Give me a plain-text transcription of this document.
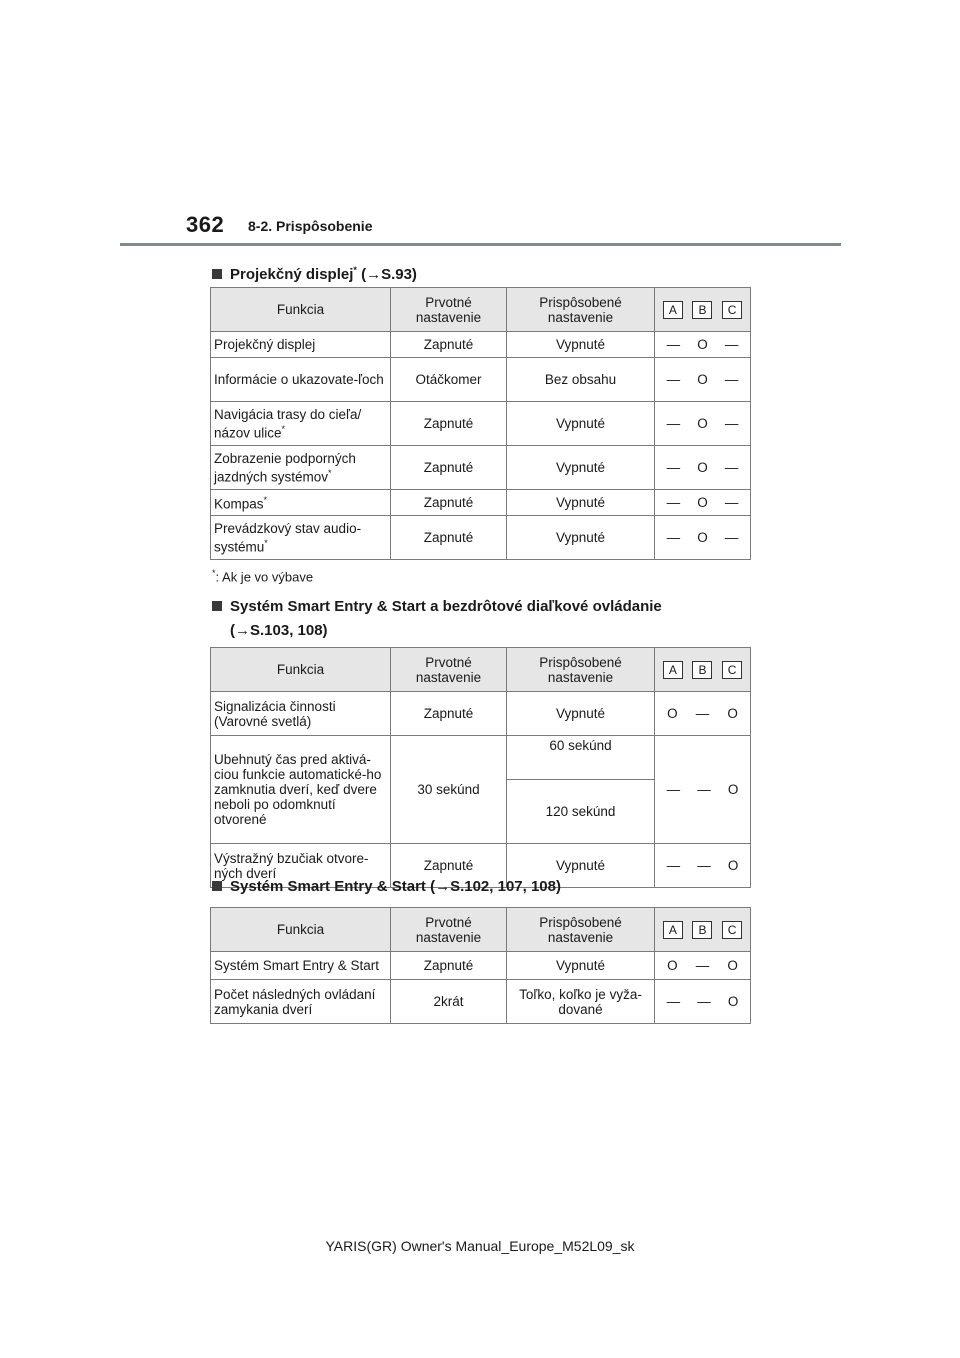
362 8-2. Prispôsobenie
Projekčný displej* (→S.93)
Funkcia	Prvotné nastavenie	Prispôsobené nastavenie	A B C

Projekčný displej	Zapnuté	Vypnuté	— O —

Informácie o ukazovate-ľoch	Otáčkomer	Bez obsahu	— O —

Navigácia trasy do cieľa/ názov ulice*	Zapnuté	Vypnuté	— O —

Zobrazenie podporných jazdných systémov*	Zapnuté	Vypnuté	— O —

Kompas*	Zapnuté	Vypnuté	— O —

Prevádzkový stav audio-systému*	Zapnuté	Vypnuté	— O —
*: Ak je vo výbave
Systém Smart Entry & Start a bezdrôtové diaľkové ovládanie
(→S.103, 108)
Funkcia	Prvotné nastavenie	Prispôsobené nastavenie	A B C

Signalizácia činnosti (Varovné svetlá)	Zapnuté	Vypnuté	O — O

Ubehnutý čas pred aktivá-ciou funkcie automatické-ho zamknutia dverí, keď dvere neboli po odomknutí otvorené	30 sekúnd	60 sekúnd	— — O

		120 sekúnd	
Výstražný bzučiak otvore-ných dverí	Zapnuté	Vypnuté	— — O
Systém Smart Entry & Start (→S.102, 107, 108)
Funkcia	Prvotné nastavenie	Prispôsobené nastavenie	A B C

Systém Smart Entry & Start	Zapnuté	Vypnuté	O — O

Počet následných ovládaní zamykania dverí	2krát	Toľko, koľko je vyža-dované	— — O
YARIS(GR) Owner's Manual_Europe_M52L09_sk
